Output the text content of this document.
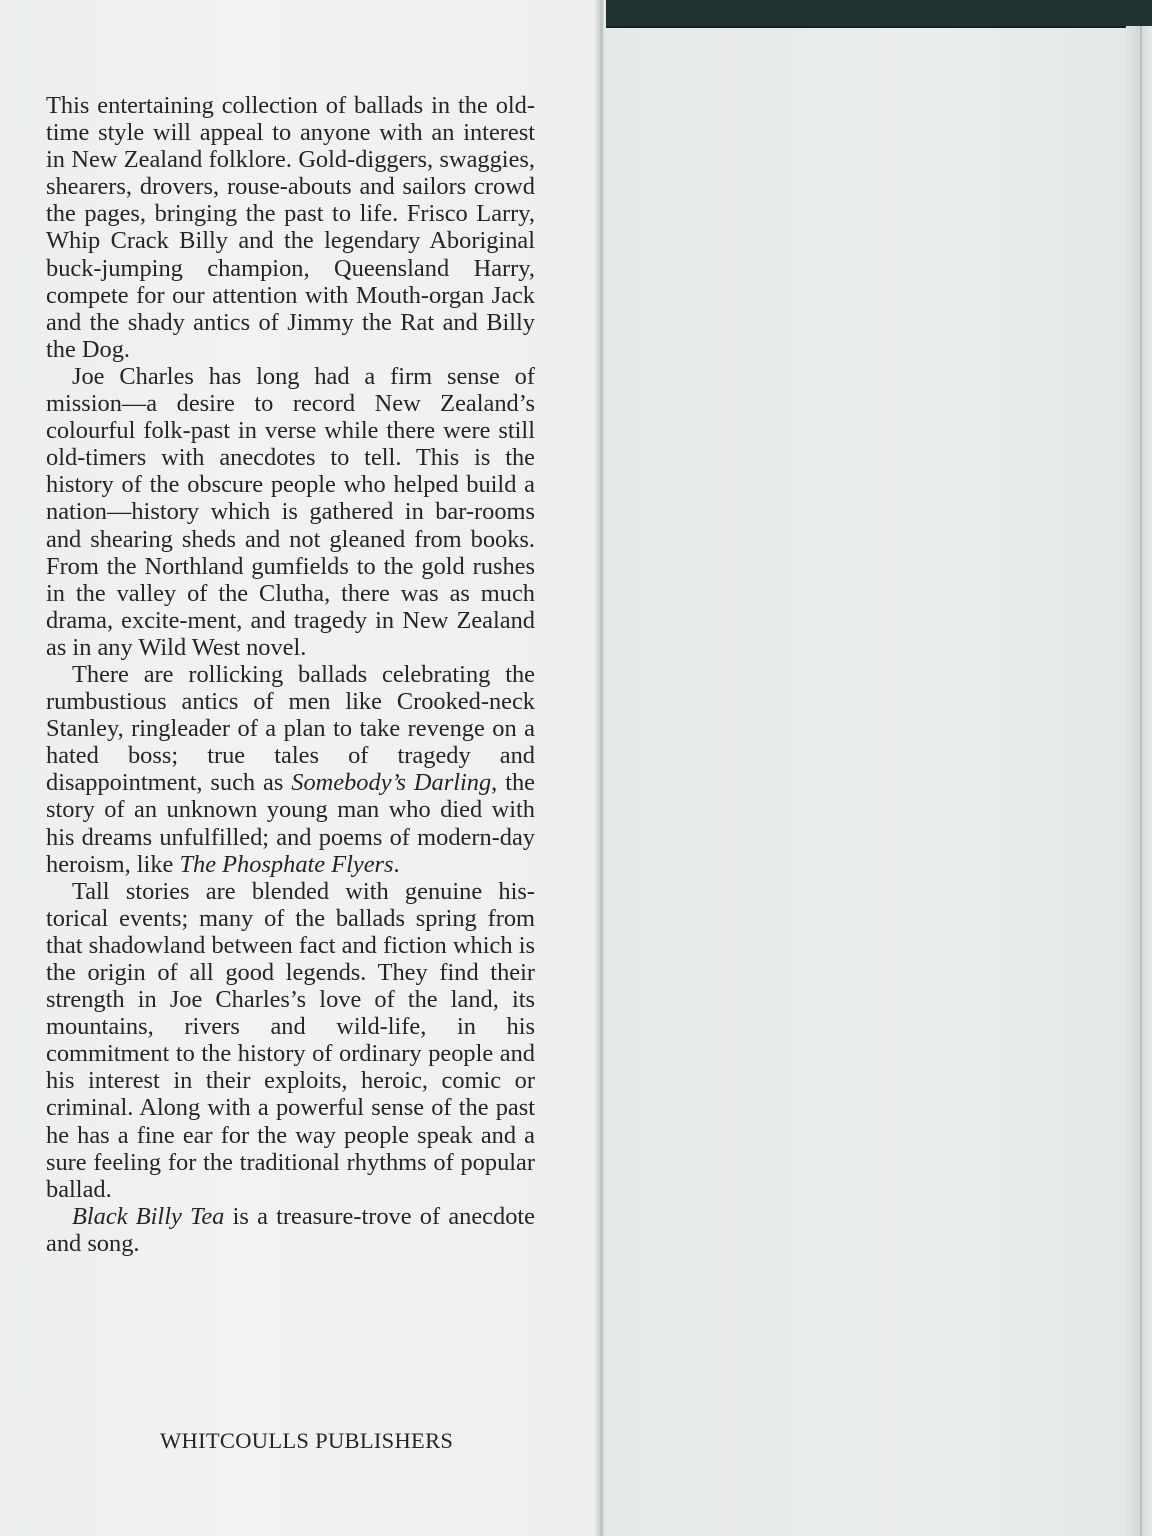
This entertaining collection of ballads in the old-time style will appeal to anyone with an interest in New Zealand folklore. Gold-diggers, swaggies, shearers, drovers, rouse-abouts and sailors crowd the pages, bringing the past to life. Frisco Larry, Whip Crack Billy and the legendary Aboriginal buck-jumping champion, Queensland Harry, compete for our attention with Mouth-organ Jack and the shady antics of Jimmy the Rat and Billy the Dog.

Joe Charles has long had a firm sense of mission—a desire to record New Zealand’s colourful folk-past in verse while there were still old-timers with anecdotes to tell. This is the history of the obscure people who helped build a nation—history which is gathered in bar-rooms and shearing sheds and not gleaned from books. From the Northland gumfields to the gold rushes in the valley of the Clutha, there was as much drama, excite-ment, and tragedy in New Zealand as in any Wild West novel.

There are rollicking ballads celebrating the rumbustious antics of men like Crooked-neck Stanley, ringleader of a plan to take revenge on a hated boss; true tales of tragedy and disappointment, such as Somebody’s Darling, the story of an unknown young man who died with his dreams unfulfilled; and poems of modern-day heroism, like The Phosphate Flyers.

Tall stories are blended with genuine his-torical events; many of the ballads spring from that shadowland between fact and fiction which is the origin of all good legends. They find their strength in Joe Charles’s love of the land, its mountains, rivers and wild-life, in his commitment to the history of ordinary people and his interest in their exploits, heroic, comic or criminal. Along with a powerful sense of the past he has a fine ear for the way people speak and a sure feeling for the traditional rhythms of popular ballad.

Black Billy Tea is a treasure-trove of anecdote and song.

WHITCOULLS PUBLISHERS
